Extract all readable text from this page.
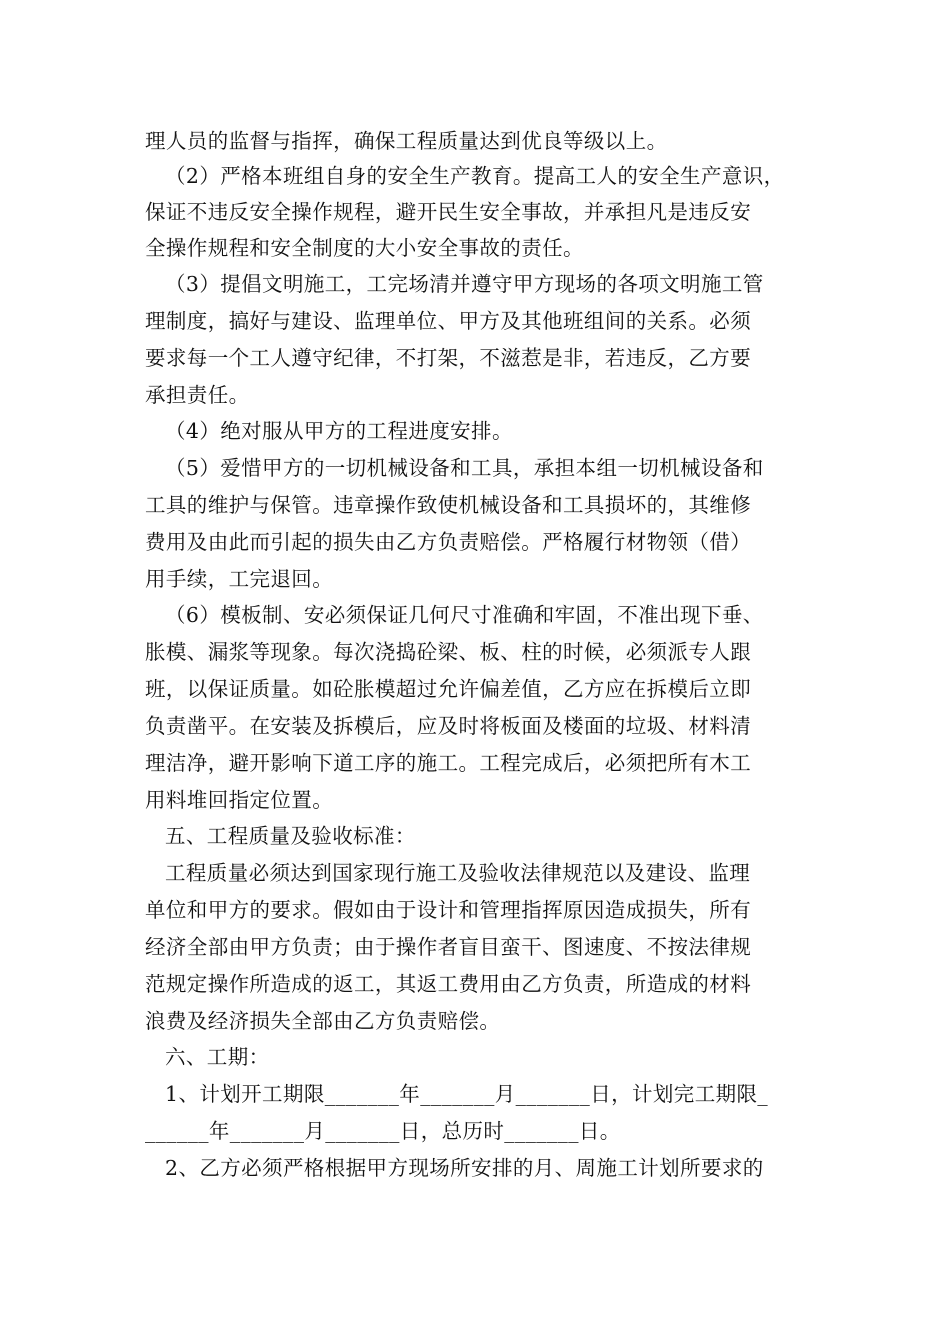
理人员的监督与指挥，确保工程质量达到优良等级以上。
（2）严格本班组自身的安全生产教育。提高工人的安全生产意识，
保证不违反安全操作规程，避开民生安全事故，并承担凡是违反安
全操作规程和安全制度的大小安全事故的责任。
（3）提倡文明施工，工完场清并遵守甲方现场的各项文明施工管
理制度，搞好与建设、监理单位、甲方及其他班组间的关系。必须
要求每一个工人遵守纪律，不打架，不滋惹是非，若违反，乙方要
承担责任。
（4）绝对服从甲方的工程进度安排。
（5）爱惜甲方的一切机械设备和工具，承担本组一切机械设备和
工具的维护与保管。违章操作致使机械设备和工具损坏的，其维修
费用及由此而引起的损失由乙方负责赔偿。严格履行材物领（借）
用手续，工完退回。
（6）模板制、安必须保证几何尺寸准确和牢固，不准出现下垂、
胀模、漏浆等现象。每次浇捣砼梁、板、柱的时候，必须派专人跟
班，以保证质量。如砼胀模超过允许偏差值，乙方应在拆模后立即
负责凿平。在安装及拆模后，应及时将板面及楼面的垃圾、材料清
理洁净，避开影响下道工序的施工。工程完成后，必须把所有木工
用料堆回指定位置。
五、工程质量及验收标准：
工程质量必须达到国家现行施工及验收法律规范以及建设、监理
单位和甲方的要求。假如由于设计和管理指挥原因造成损失，所有
经济全部由甲方负责；由于操作者盲目蛮干、图速度、不按法律规
范规定操作所造成的返工，其返工费用由乙方负责，所造成的材料
浪费及经济损失全部由乙方负责赔偿。
六、工期：
1、计划开工期限_______年_______月_______日，计划完工期限_
______年_______月_______日，总历时_______日。
2、乙方必须严格根据甲方现场所安排的月、周施工计划所要求的
